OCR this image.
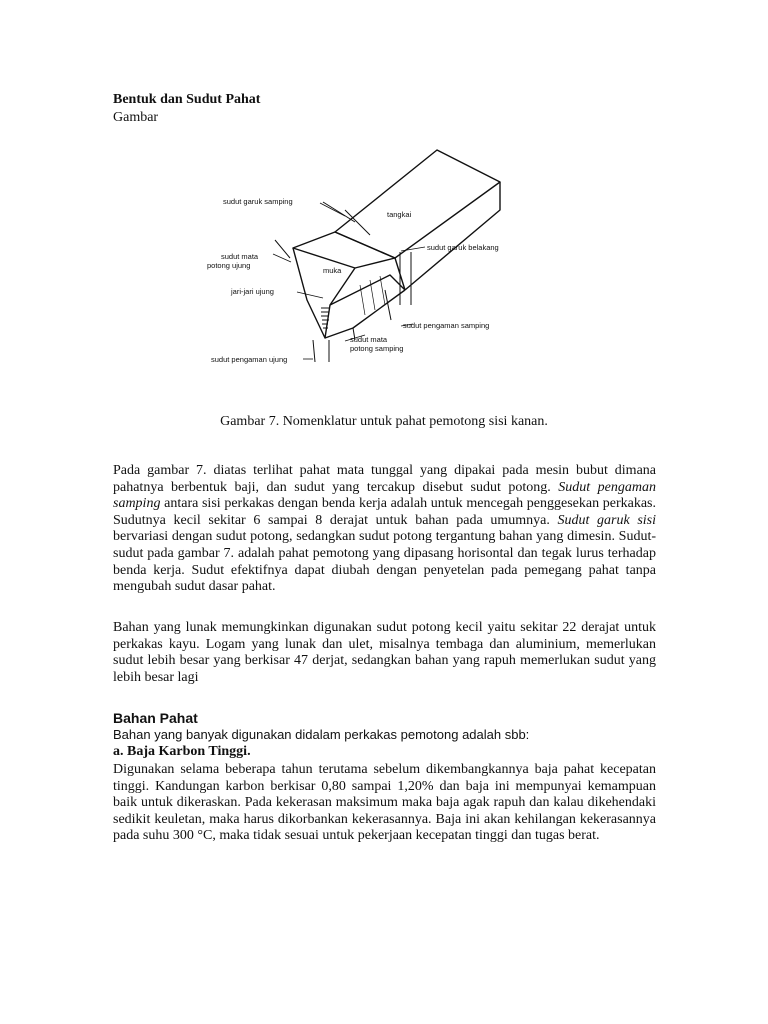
Bentuk dan Sudut Pahat
Gambar
sudut garuk samping
tangkai
sudut garuk belakang
sudut mata
potong ujung
muka
jari-jari ujung
sudut pengaman samping
sudut mata
potong samping
sudut pengaman ujung
Gambar 7. Nomenklatur untuk pahat pemotong sisi kanan.
Pada gambar 7. diatas terlihat pahat mata tunggal yang dipakai pada mesin bubut dimana pahatnya berbentuk baji, dan sudut yang tercakup disebut sudut potong. Sudut pengaman samping antara sisi perkakas dengan benda kerja adalah untuk mencegah penggesekan perkakas. Sudutnya kecil sekitar 6 sampai 8 derajat untuk bahan pada umumnya. Sudut garuk sisi bervariasi dengan sudut potong, sedangkan sudut potong tergantung bahan yang dimesin. Sudut-sudut pada gambar 7. adalah pahat pemotong yang dipasang horisontal dan tegak lurus terhadap benda kerja. Sudut efektifnya dapat diubah dengan penyetelan pada pemegang pahat tanpa mengubah sudut dasar pahat.
Bahan yang lunak memungkinkan digunakan sudut potong kecil yaitu sekitar 22 derajat untuk perkakas kayu. Logam yang lunak dan ulet, misalnya tembaga dan aluminium, memerlukan sudut lebih besar yang berkisar 47 derjat, sedangkan bahan yang rapuh memerlukan sudut yang lebih besar lagi
Bahan Pahat
Bahan yang banyak digunakan didalam perkakas pemotong adalah sbb:
a. Baja Karbon Tinggi.
Digunakan selama beberapa tahun terutama sebelum dikembangkannya baja pahat kecepatan tinggi. Kandungan karbon berkisar 0,80 sampai 1,20% dan baja ini mempunyai kemampuan baik untuk dikeraskan. Pada kekerasan maksimum maka baja agak rapuh dan kalau dikehendaki sedikit keuletan, maka harus dikorbankan kekerasannya. Baja ini akan kehilangan kekerasannya pada suhu 300 °C, maka tidak sesuai untuk pekerjaan kecepatan tinggi dan tugas berat.
